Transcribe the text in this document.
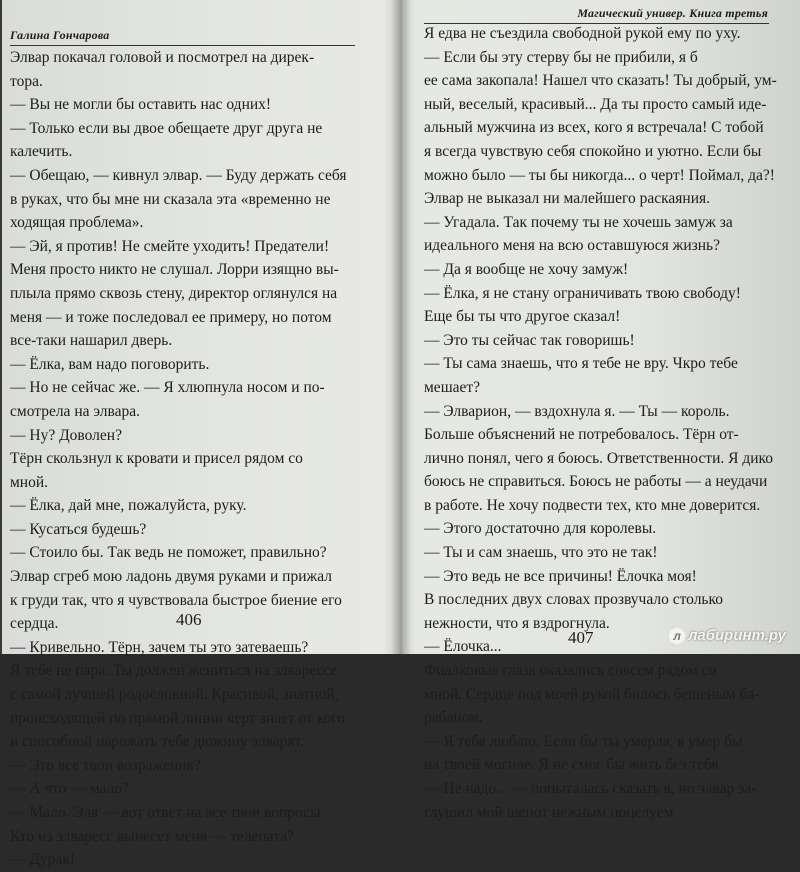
Галина Гончарова
Элвар покачал головой и посмотрел на дирек-
тора.
— Вы не могли бы оставить нас одних!
— Только если вы двое обещаете друг друга не
калечить.
— Обещаю, — кивнул элвар. — Буду держать себя
в руках, что бы мне ни сказала эта «временно не
ходящая проблема».
— Эй, я против! Не смейте уходить! Предатели!
Меня просто никто не слушал. Лорри изящно вы-
плыла прямо сквозь стену, директор оглянулся на
меня — и тоже последовал ее примеру, но потом
все-таки нашарил дверь.
— Ёлка, вам надо поговорить.
— Но не сейчас же. — Я хлюпнула носом и по-
смотрела на элвара.
— Ну? Доволен?
Тёрн скользнул к кровати и присел рядом со
мной.
— Ёлка, дай мне, пожалуйста, руку.
— Кусаться будешь?
— Стоило бы. Так ведь не поможет, правильно?
Элвар сгреб мою ладонь двумя руками и прижал
к груди так, что я чувствовала быстрое биение его
сердца.
— Кривельно. Тёрн, зачем ты это затеваешь?
Я тебе не пара. Ты должен жениться на элварессе
с самой лучшей родословной. Красивой, знатной,
происходящей по прямой линии черт знает от кого
и способной нарожать тебе дюжину элварят.
— Это все твои возражения?
— А что — мало?
— Мало. Эля — вот ответ на все твои вопросы.
Кто из элваресс вынесет меня — телепата?
— Дурак!
406
Магический универ. Книга третья
Я едва не съездила свободной рукой ему по уху.
— Если бы эту стерву бы не прибили, я б
ее сама закопала! Нашел что сказать! Ты добрый, ум-
ный, веселый, красивый... Да ты просто самый иде-
альный мужчина из всех, кого я встречала! С тобой
я всегда чувствую себя спокойно и уютно. Если бы
можно было — ты бы никогда... о черт! Поймал, да?!
Элвар не выказал ни малейшего раскаяния.
— Угадала. Так почему ты не хочешь замуж за
идеального меня на всю оставшуюся жизнь?
— Да я вообще не хочу замуж!
— Ёлка, я не стану ограничивать твою свободу!
Еще бы ты что другое сказал!
— Это ты сейчас так говоришь!
— Ты сама знаешь, что я тебе не вру. Чкро тебе
мешает?
— Элварион, — вздохнула я. — Ты — король.
Больше объяснений не потребовалось. Тёрн от-
лично понял, чего я боюсь. Ответственности. Я дико
боюсь не справиться. Боюсь не работы — а неудачи
в работе. Не хочу подвести тех, кто мне доверится.
— Этого достаточно для королевы.
— Ты и сам знаешь, что это не так!
— Это ведь не все причины! Ёлочка моя!
В последних двух словах прозвучало столько
нежности, что я вздрогнула.
— Ёлочка...
Фиалковые глаза оказались совсем рядом со
мной. Сердце под моей рукой билось бешеным ба-
рабаном.
— Я тебя люблю. Если бы ты умерла, я умер бы
на твоей могиле. Я не смог бы жить без тебя.
— Не надо... — попыталась сказать я, но элвар за-
глушил мой шепот нежным поцелуем
407	л лабиринт.ру
